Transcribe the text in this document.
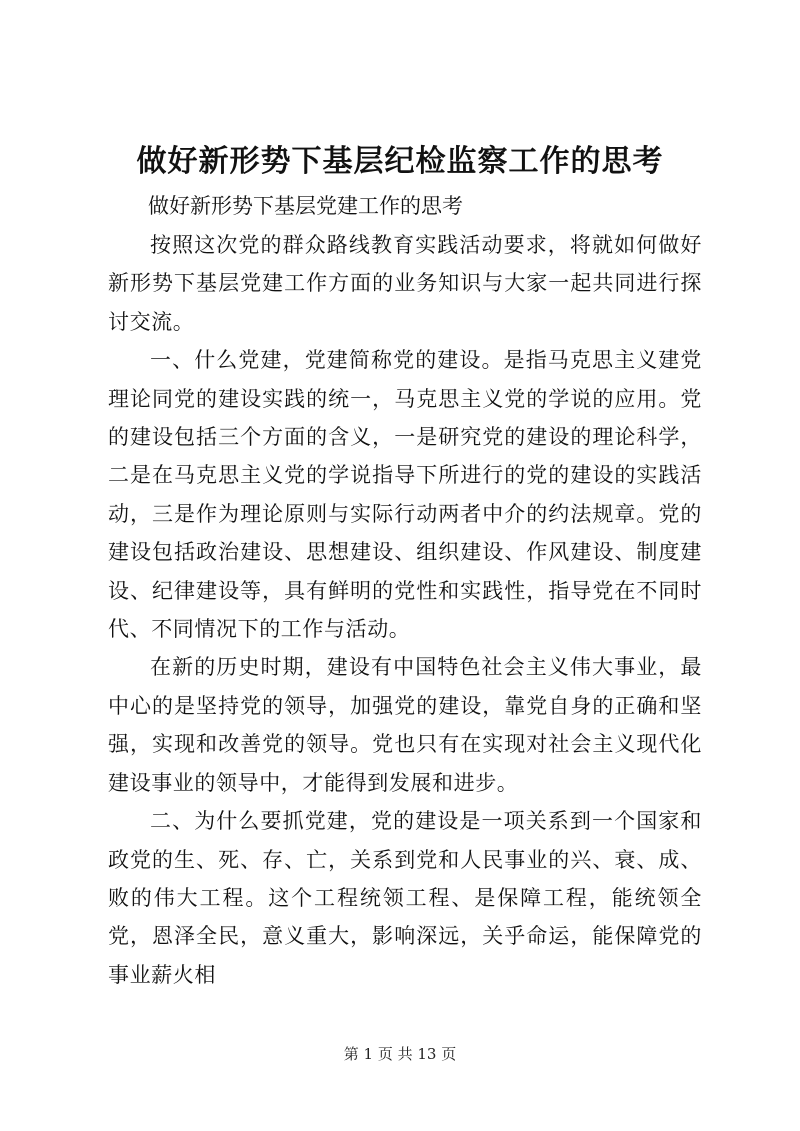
做好新形势下基层纪检监察工作的思考

做好新形势下基层党建工作的思考

按照这次党的群众路线教育实践活动要求，将就如何做好新形势下基层党建工作方面的业务知识与大家一起共同进行探讨交流。

一、什么党建，党建简称党的建设。是指马克思主义建党理论同党的建设实践的统一，马克思主义党的学说的应用。党的建设包括三个方面的含义，一是研究党的建设的理论科学，二是在马克思主义党的学说指导下所进行的党的建设的实践活动，三是作为理论原则与实际行动两者中介的约法规章。党的建设包括政治建设、思想建设、组织建设、作风建设、制度建设、纪律建设等，具有鲜明的党性和实践性，指导党在不同时代、不同情况下的工作与活动。

在新的历史时期，建设有中国特色社会主义伟大事业，最中心的是坚持党的领导，加强党的建设，靠党自身的正确和坚强，实现和改善党的领导。党也只有在实现对社会主义现代化建设事业的领导中，才能得到发展和进步。

二、为什么要抓党建，党的建设是一项关系到一个国家和政党的生、死、存、亡，关系到党和人民事业的兴、衰、成、败的伟大工程。这个工程统领工程、是保障工程，能统领全党，恩泽全民，意义重大，影响深远，关乎命运，能保障党的事业薪火相

第 1 页 共 13 页
